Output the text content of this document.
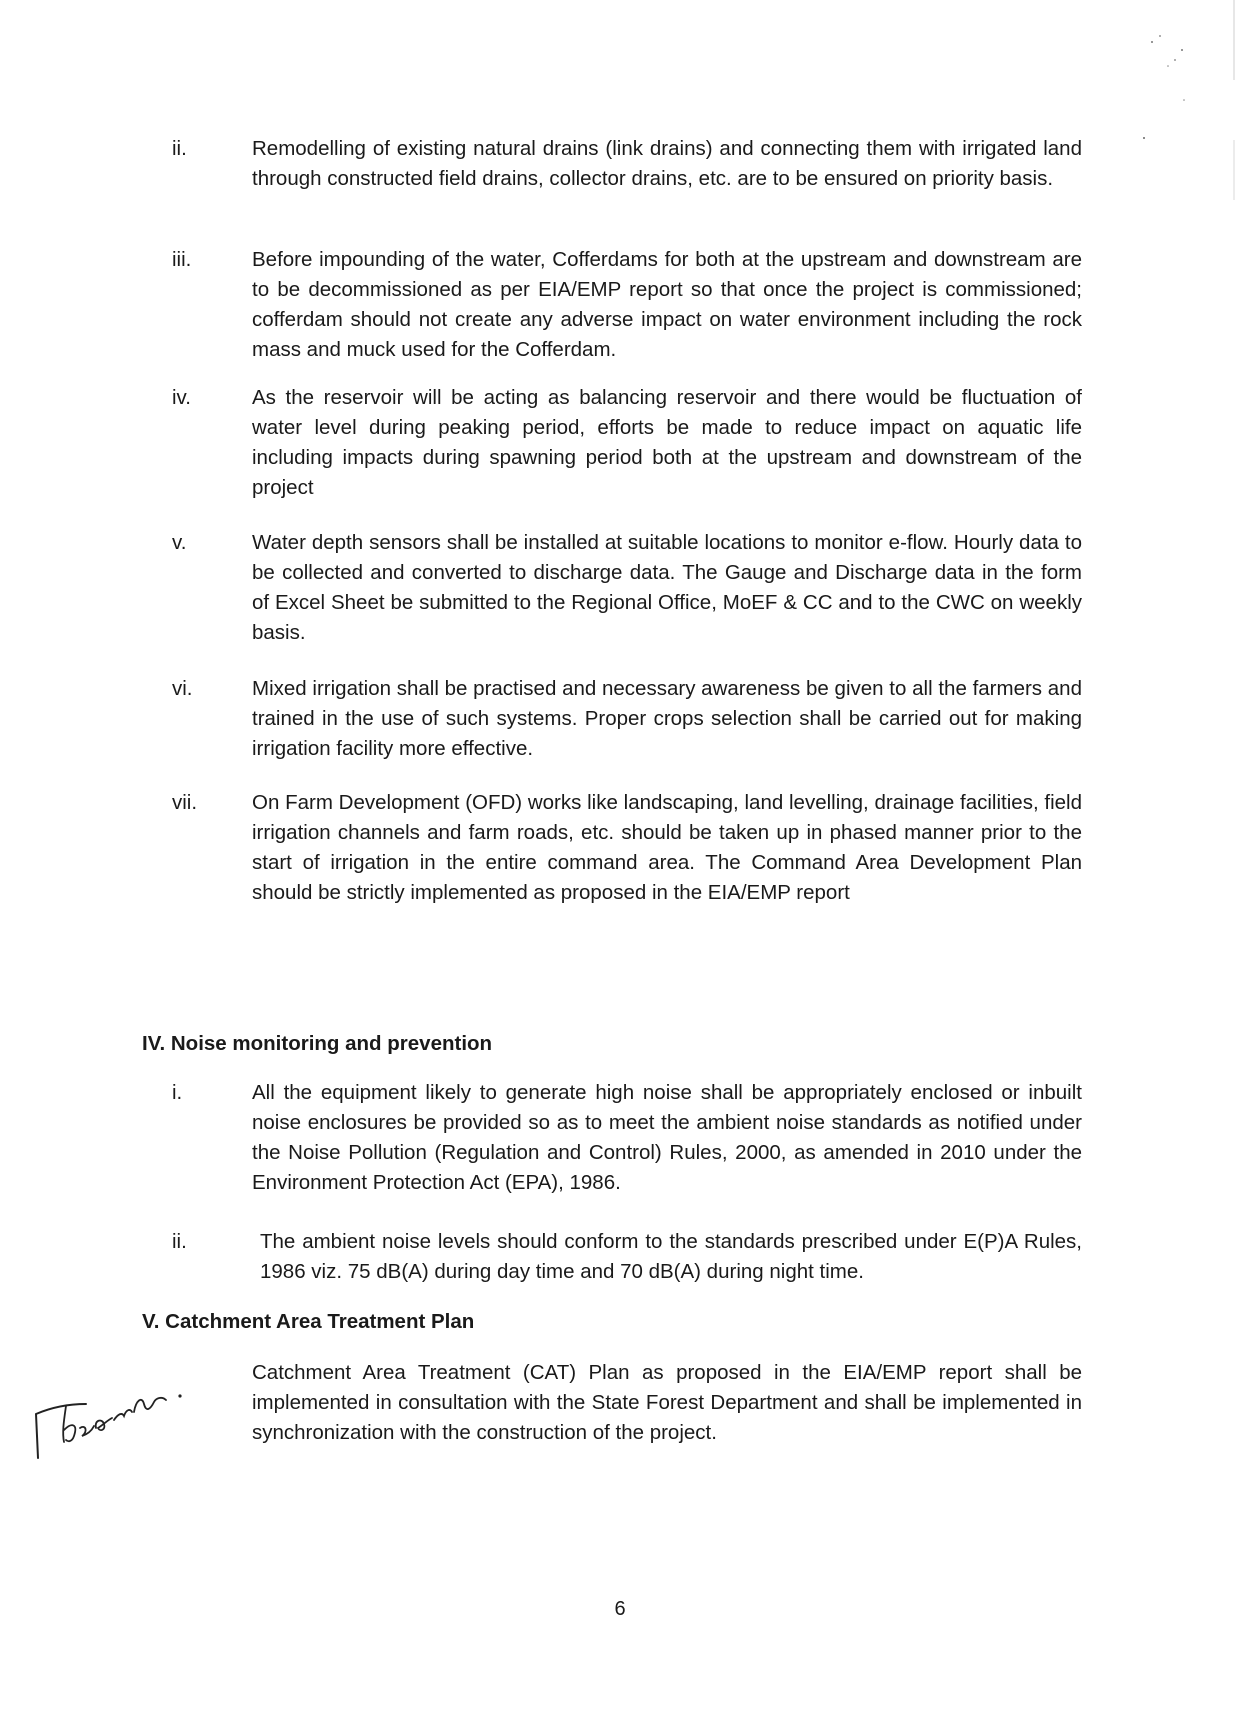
ii.	Remodelling of existing natural drains (link drains) and connecting them with irrigated land through constructed field drains, collector drains, etc. are to be ensured on priority basis.
iii.	Before impounding of the water, Cofferdams for both at the upstream and downstream are to be decommissioned as per EIA/EMP report so that once the project is commissioned; cofferdam should not create any adverse impact on water environment including the rock mass and muck used for the Cofferdam.
iv.	As the reservoir will be acting as balancing reservoir and there would be fluctuation of water level during peaking period, efforts be made to reduce impact on aquatic life including impacts during spawning period both at the upstream and downstream of the project
v.	Water depth sensors shall be installed at suitable locations to monitor e-flow. Hourly data to be collected and converted to discharge data. The Gauge and Discharge data in the form of Excel Sheet be submitted to the Regional Office, MoEF & CC and to the CWC on weekly basis.
vi.	Mixed irrigation shall be practised and necessary awareness be given to all the farmers and trained in the use of such systems. Proper crops selection shall be carried out for making irrigation facility more effective.
vii.	On Farm Development (OFD) works like landscaping, land levelling, drainage facilities, field irrigation channels and farm roads, etc. should be taken up in phased manner prior to the start of irrigation in the entire command area. The Command Area Development Plan should be strictly implemented as proposed in the EIA/EMP report
IV. Noise monitoring and prevention
i.	All the equipment likely to generate high noise shall be appropriately enclosed or inbuilt noise enclosures be provided so as to meet the ambient noise standards as notified under the Noise Pollution (Regulation and Control) Rules, 2000, as amended in 2010 under the Environment Protection Act (EPA), 1986.
ii.	The ambient noise levels should conform to the standards prescribed under E(P)A Rules, 1986 viz. 75 dB(A) during day time and 70 dB(A) during night time.
V. Catchment Area Treatment Plan
Catchment Area Treatment (CAT) Plan as proposed in the EIA/EMP report shall be implemented in consultation with the State Forest Department and shall be implemented in synchronization with the construction of the project.
6
